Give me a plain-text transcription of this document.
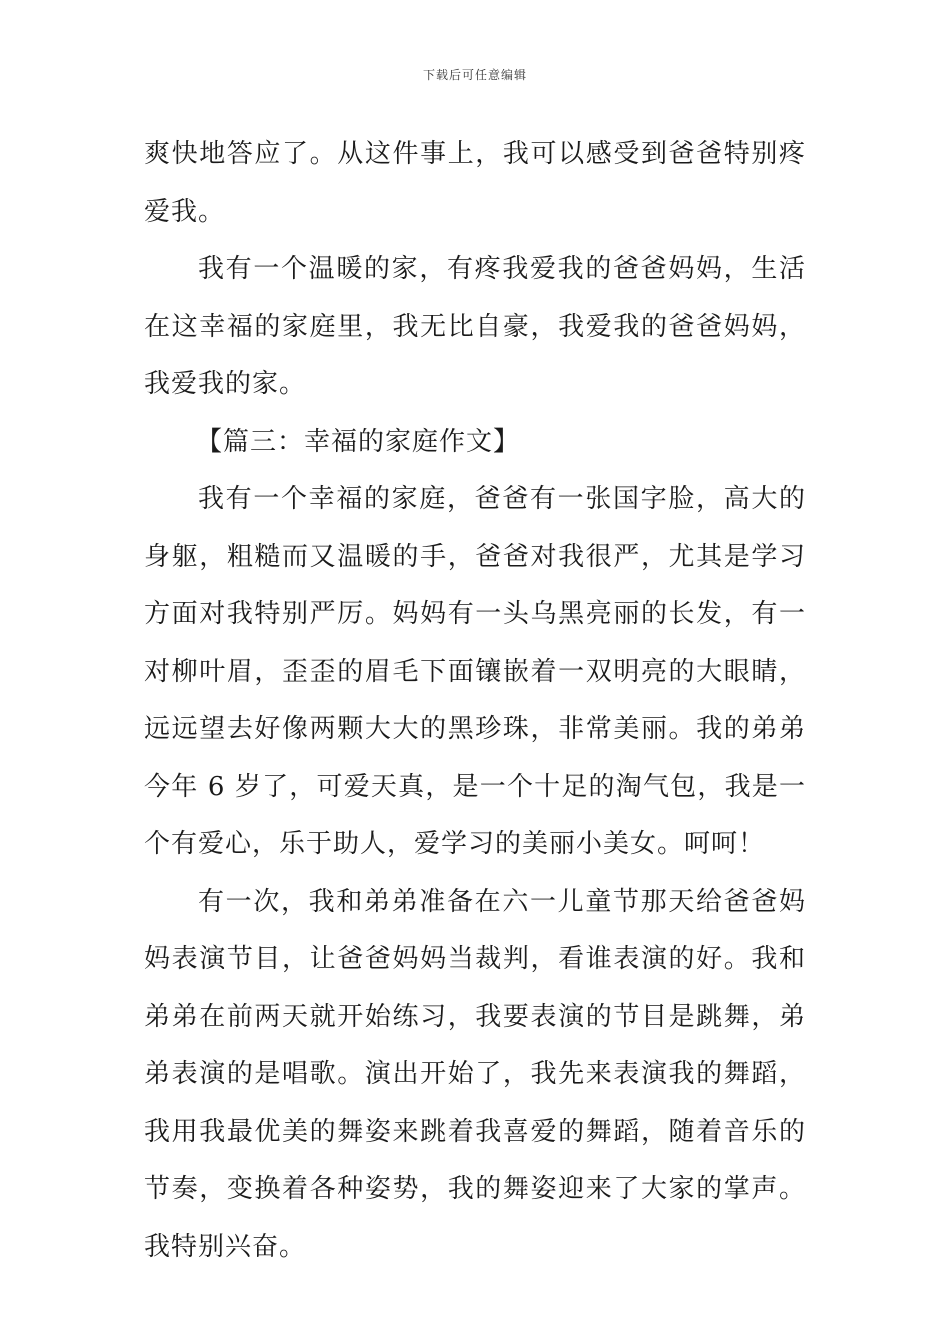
下载后可任意编辑

爽快地答应了。从这件事上，我可以感受到爸爸特别疼爱我。

我有一个温暖的家，有疼我爱我的爸爸妈妈，生活在这幸福的家庭里，我无比自豪，我爱我的爸爸妈妈，我爱我的家。

【篇三：幸福的家庭作文】

我有一个幸福的家庭，爸爸有一张国字脸，高大的身躯，粗糙而又温暖的手，爸爸对我很严，尤其是学习方面对我特别严厉。妈妈有一头乌黑亮丽的长发，有一对柳叶眉，歪歪的眉毛下面镶嵌着一双明亮的大眼睛，远远望去好像两颗大大的黑珍珠，非常美丽。我的弟弟今年 6 岁了，可爱天真，是一个十足的淘气包，我是一个有爱心，乐于助人，爱学习的美丽小美女。呵呵！

有一次，我和弟弟准备在六一儿童节那天给爸爸妈妈表演节目，让爸爸妈妈当裁判，看谁表演的好。我和弟弟在前两天就开始练习，我要表演的节目是跳舞，弟弟表演的是唱歌。演出开始了，我先来表演我的舞蹈，我用我最优美的舞姿来跳着我喜爱的舞蹈，随着音乐的节奏，变换着各种姿势，我的舞姿迎来了大家的掌声。我特别兴奋。
